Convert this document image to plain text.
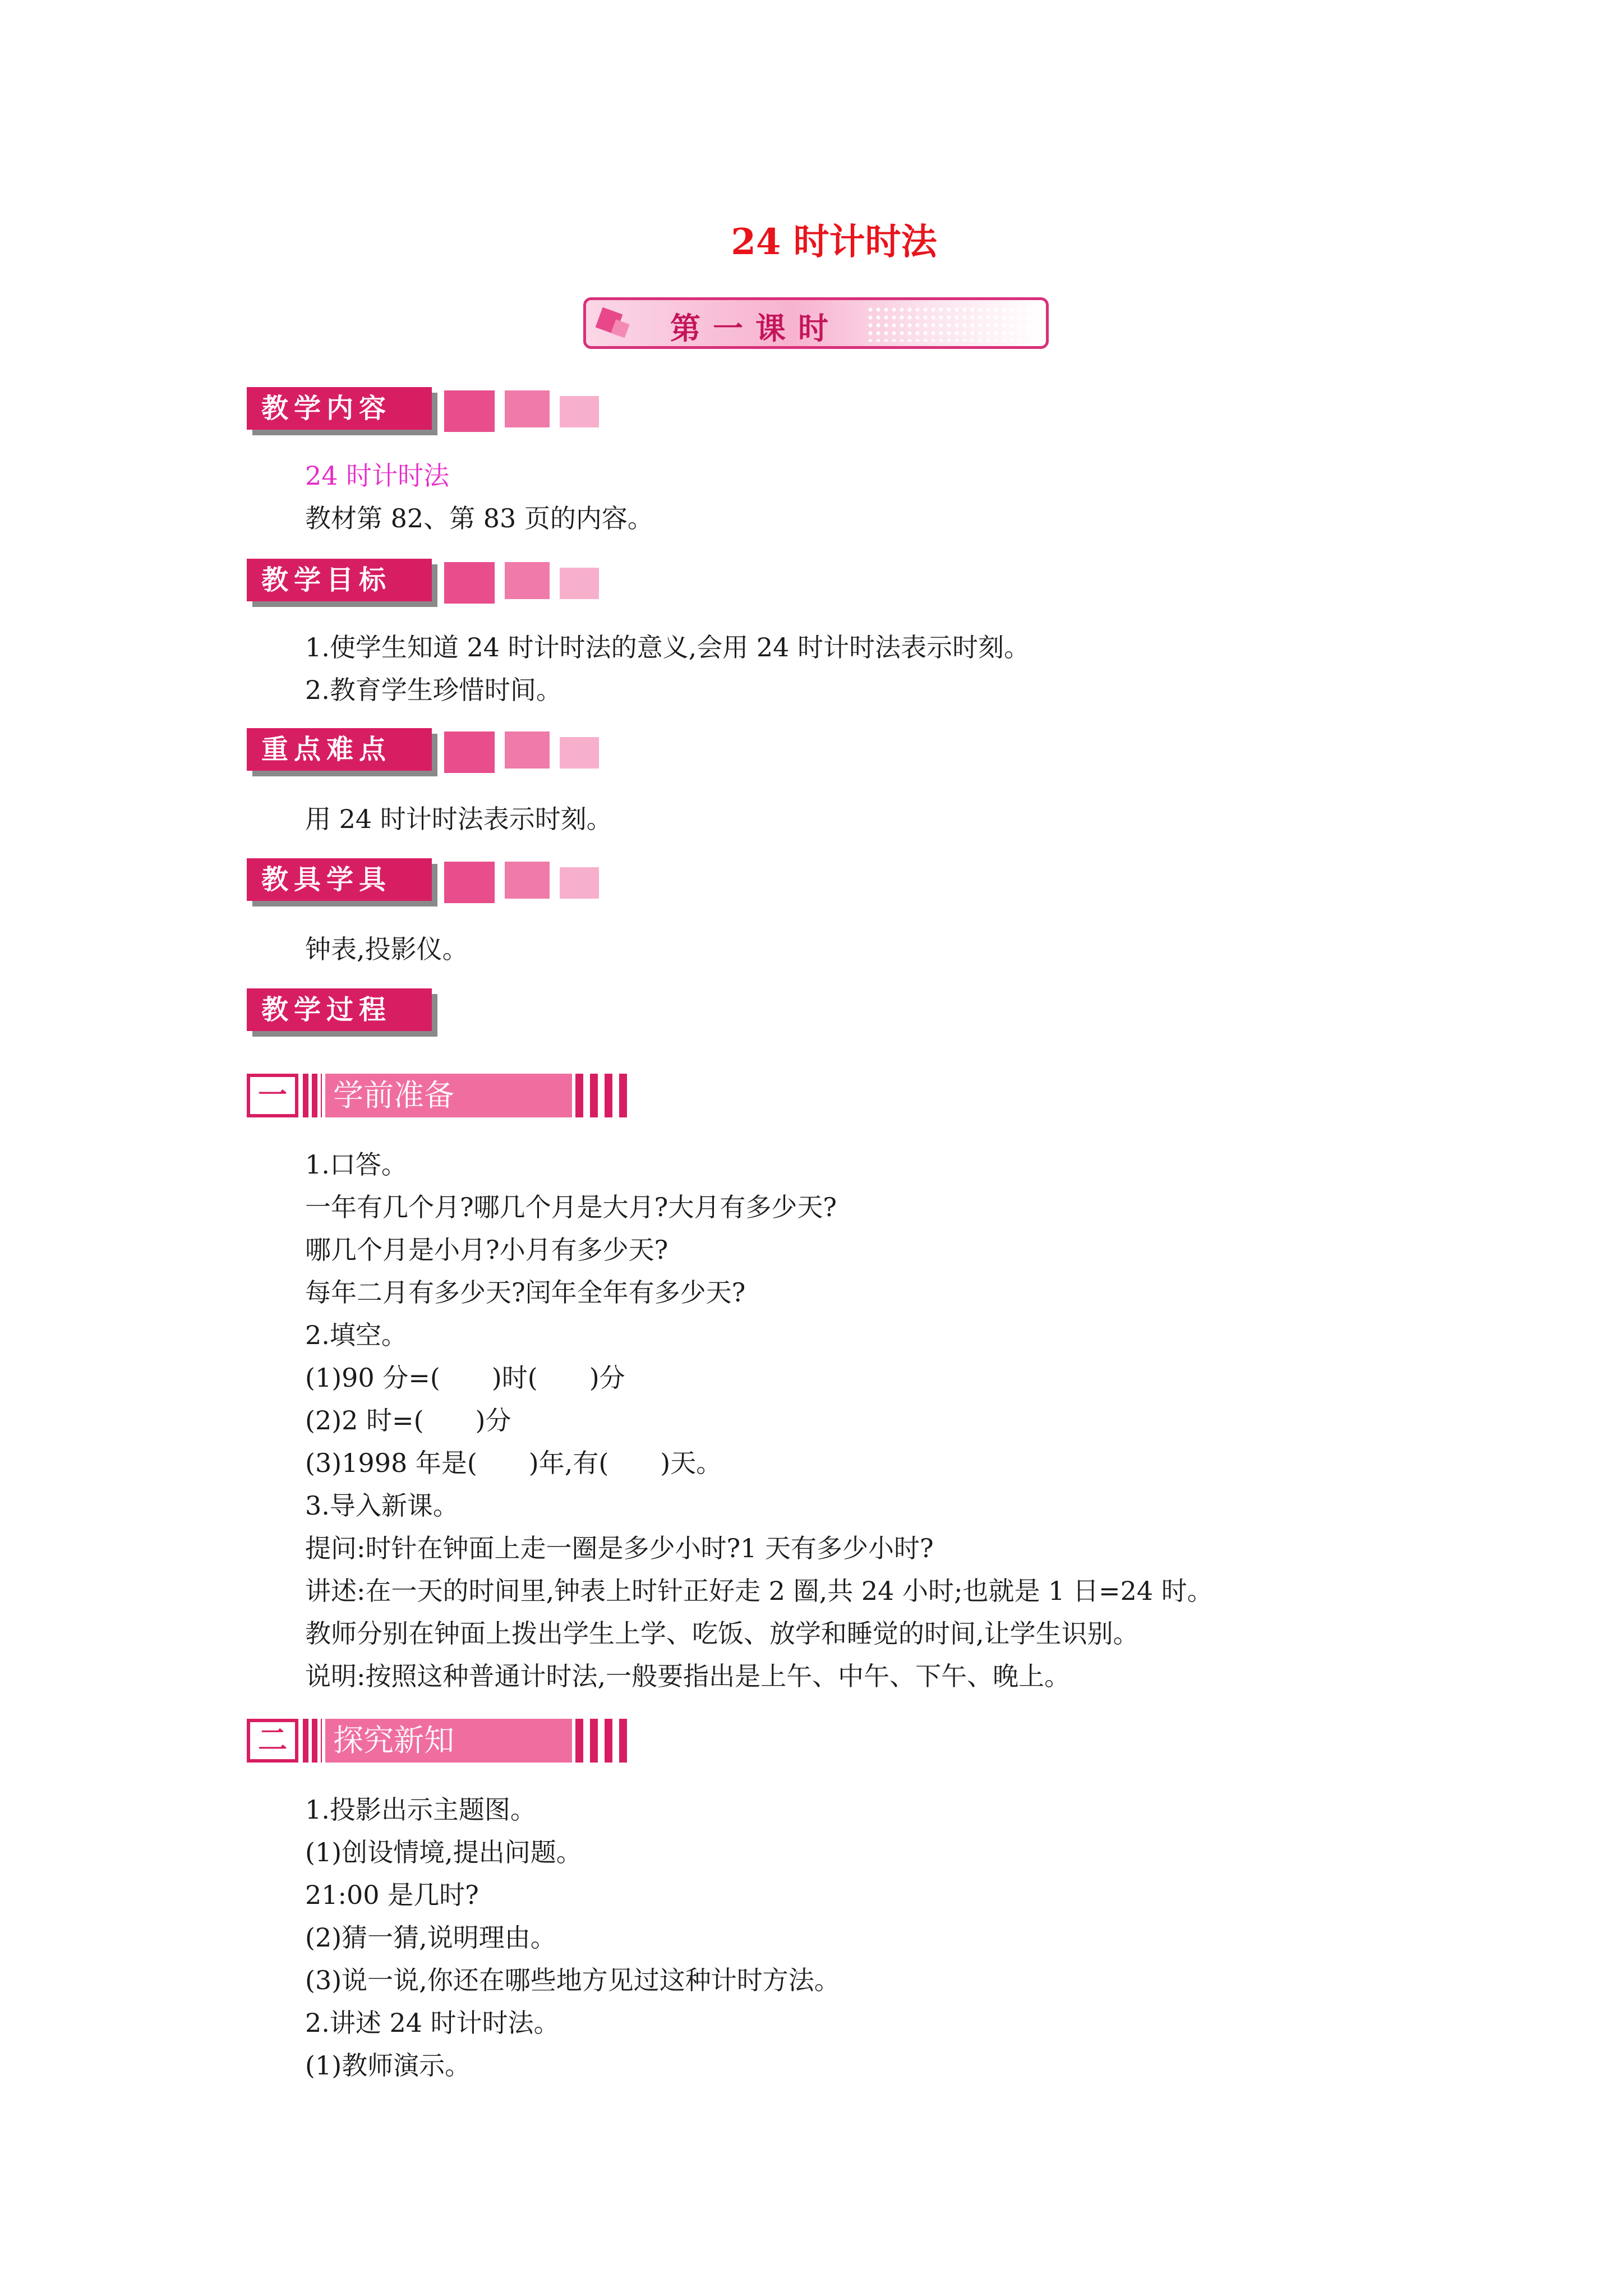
24 时计时法
第一课时
教学内容
24 时计时法
教材第 82、第 83 页的内容。
教学目标
1.使学生知道 24 时计时法的意义,会用 24 时计时法表示时刻。
2.教育学生珍惜时间。
重点难点
用 24 时计时法表示时刻。
教具学具
钟表,投影仪。
教学过程
一	学前准备
1.口答。
一年有几个月?哪几个月是大月?大月有多少天?
哪几个月是小月?小月有多少天?
每年二月有多少天?闰年全年有多少天?
2.填空。
(1)90 分=(　　)时(　　)分
(2)2 时=(　　)分
(3)1998 年是(　　)年,有(　　)天。
3.导入新课。
提问:时针在钟面上走一圈是多少小时?1 天有多少小时?
讲述:在一天的时间里,钟表上时针正好走 2 圈,共 24 小时;也就是 1 日=24 时。
教师分别在钟面上拨出学生上学、吃饭、放学和睡觉的时间,让学生识别。
说明:按照这种普通计时法,一般要指出是上午、中午、下午、晚上。
二	探究新知
1.投影出示主题图。
(1)创设情境,提出问题。
21:00 是几时?
(2)猜一猜,说明理由。
(3)说一说,你还在哪些地方见过这种计时方法。
2.讲述 24 时计时法。
(1)教师演示。
